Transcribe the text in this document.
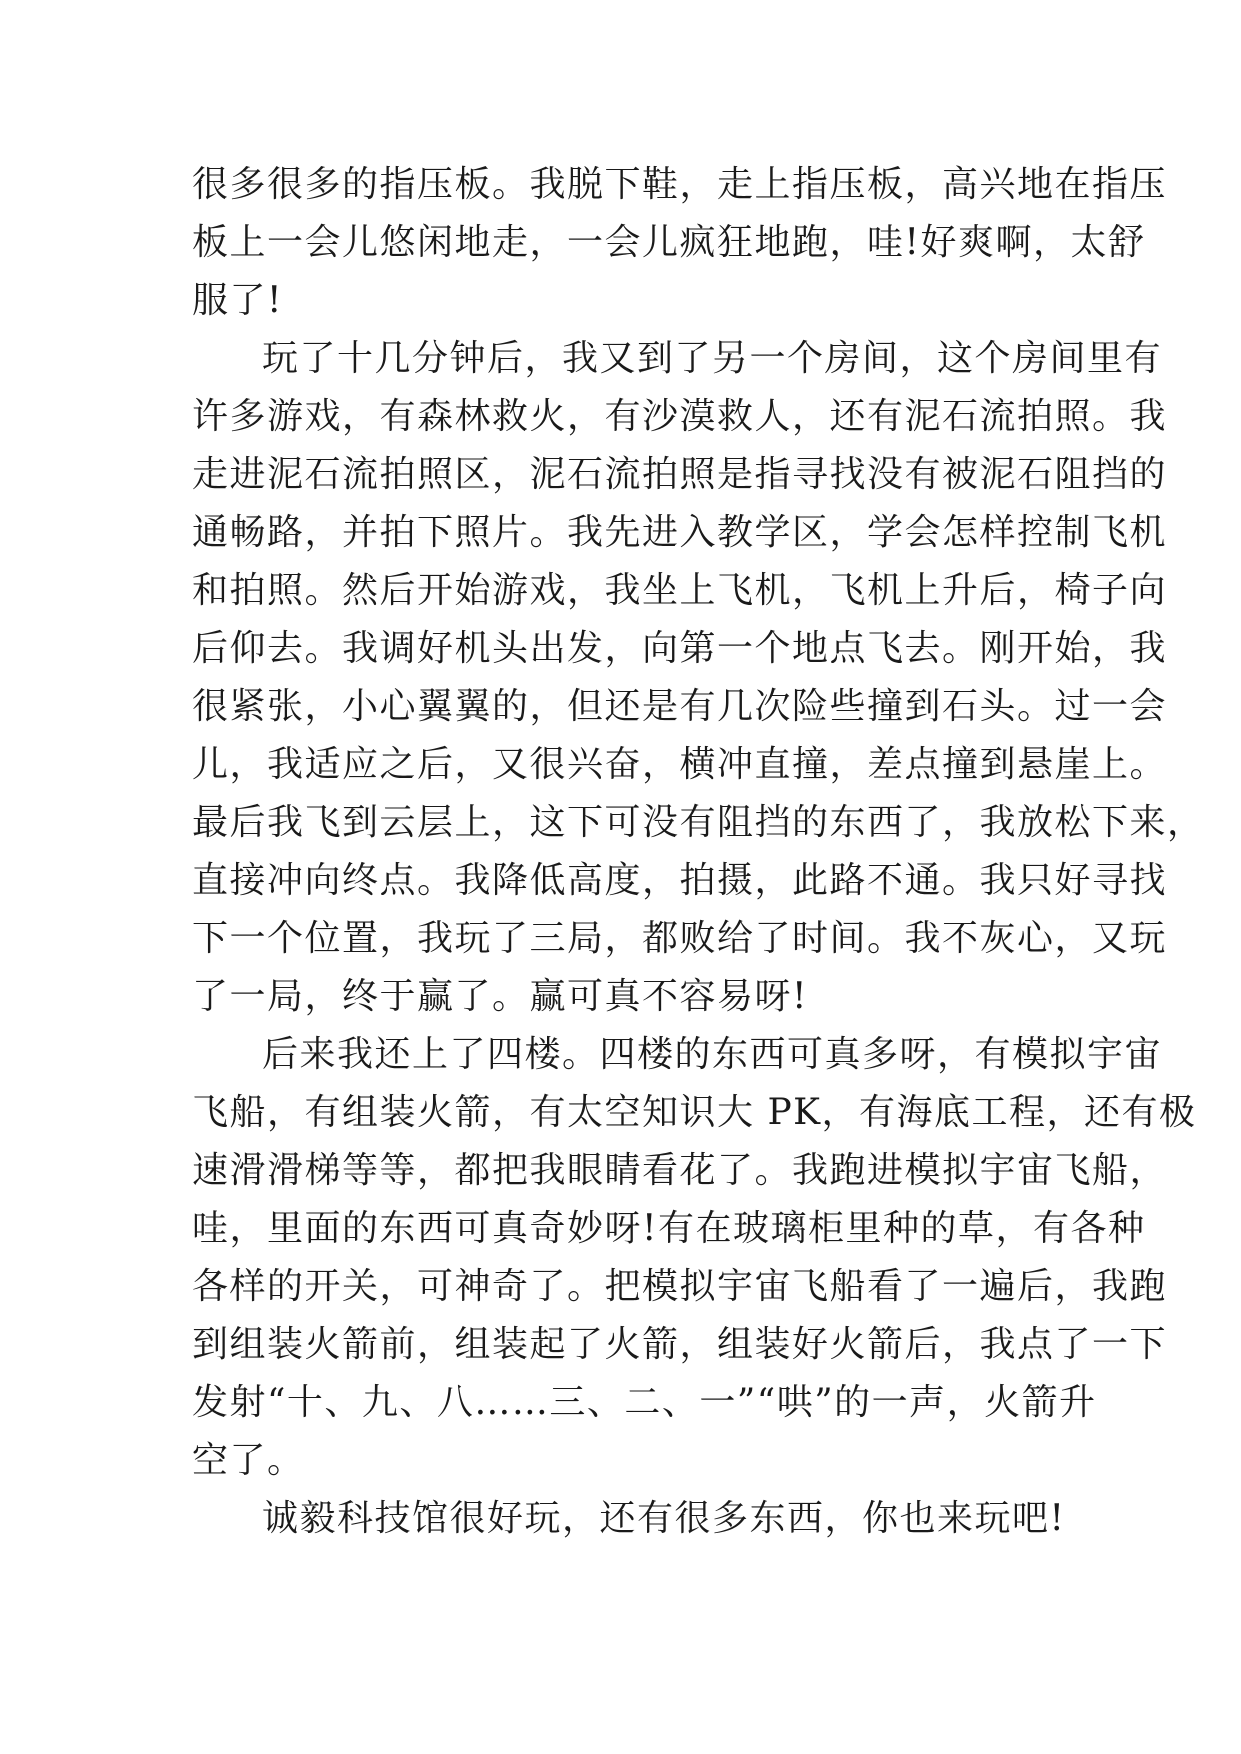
很多很多的指压板。我脱下鞋，走上指压板，高兴地在指压
板上一会儿悠闲地走，一会儿疯狂地跑，哇!好爽啊，太舒
服了!
玩了十几分钟后，我又到了另一个房间，这个房间里有
许多游戏，有森林救火，有沙漠救人，还有泥石流拍照。我
走进泥石流拍照区，泥石流拍照是指寻找没有被泥石阻挡的
通畅路，并拍下照片。我先进入教学区，学会怎样控制飞机
和拍照。然后开始游戏，我坐上飞机，飞机上升后，椅子向
后仰去。我调好机头出发，向第一个地点飞去。刚开始，我
很紧张，小心翼翼的，但还是有几次险些撞到石头。过一会
儿，我适应之后，又很兴奋，横冲直撞，差点撞到悬崖上。
最后我飞到云层上，这下可没有阻挡的东西了，我放松下来，
直接冲向终点。我降低高度，拍摄，此路不通。我只好寻找
下一个位置，我玩了三局，都败给了时间。我不灰心，又玩
了一局，终于赢了。赢可真不容易呀!
后来我还上了四楼。四楼的东西可真多呀，有模拟宇宙
飞船，有组装火箭，有太空知识大 PK，有海底工程，还有极
速滑滑梯等等，都把我眼睛看花了。我跑进模拟宇宙飞船，
哇，里面的东西可真奇妙呀!有在玻璃柜里种的草，有各种
各样的开关，可神奇了。把模拟宇宙飞船看了一遍后，我跑
到组装火箭前，组装起了火箭，组装好火箭后，我点了一下
发射“十、九、八……三、二、一”“哄”的一声，火箭升
空了。
诚毅科技馆很好玩，还有很多东西，你也来玩吧!
